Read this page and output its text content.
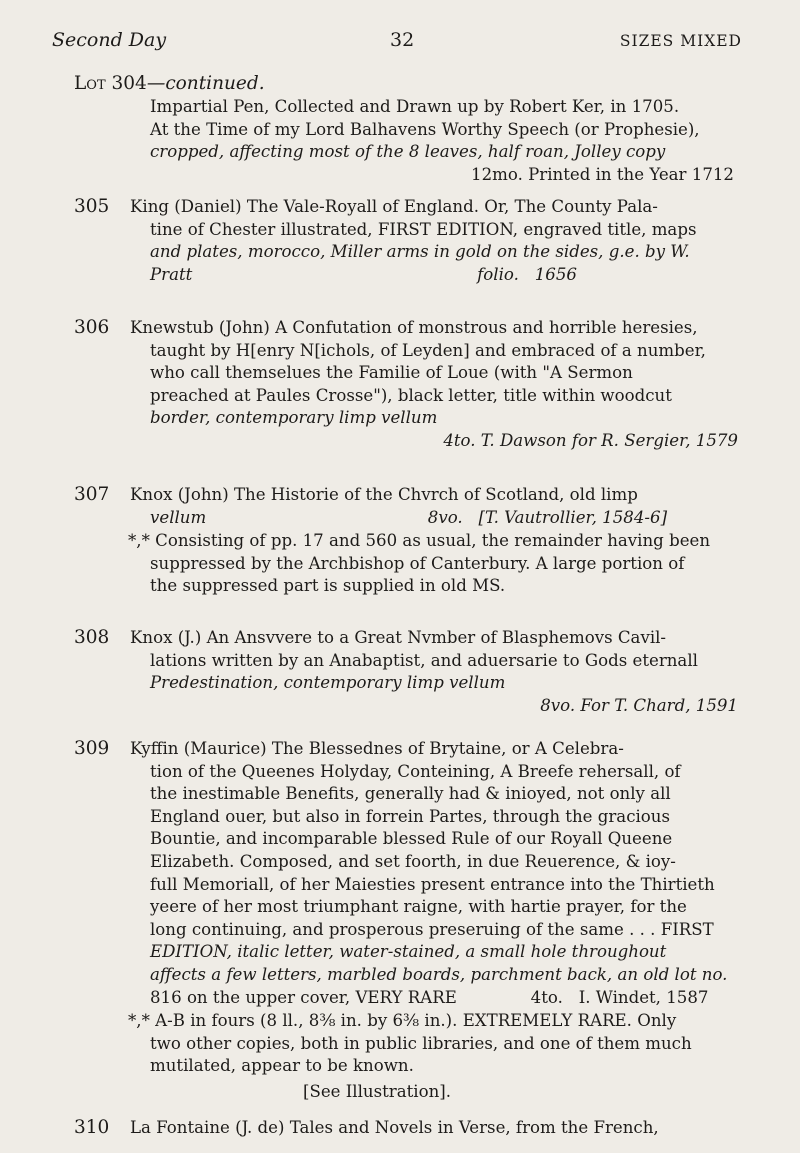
Second Day	32	SIZES MIXED
Lot 304—continued.
Impartial Pen, Collected and Drawn up by Robert Ker, in 1705.
At the Time of my Lord Balhavens Worthy Speech (or Prophesie),
cropped, affecting most of the 8 leaves, half roan, Jolley copy
12mo. Printed in the Year 1712
305 King (Daniel) The Vale-Royall of England. Or, The County Pala-
tine of Chester illustrated, FIRST EDITION, engraved title, maps
and plates, morocco, Miller arms in gold on the sides, g.e. by W.
Pratt                                                      folio.   1656
306 Knewstub (John) A Confutation of monstrous and horrible heresies,
taught by H[enry N[ichols, of Leyden] and embraced of a number,
who call themselues the Familie of Loue (with "A Sermon
preached at Paules Crosse"), black letter, title within woodcut
border, contemporary limp vellum
4to. T. Dawson for R. Sergier, 1579
307 Knox (John) The Historie of the Chvrch of Scotland, old limp
vellum                                          8vo.   [T. Vautrollier, 1584-6]
*,* Consisting of pp. 17 and 560 as usual, the remainder having been
suppressed by the Archbishop of Canterbury. A large portion of
the suppressed part is supplied in old MS.
308 Knox (J.) An Ansvvere to a Great Nvmber of Blasphemovs Cavil-
lations written by an Anabaptist, and aduersarie to Gods eternall
Predestination, contemporary limp vellum
8vo. For T. Chard, 1591
309 Kyffin (Maurice) The Blessednes of Brytaine, or A Celebra-
tion of the Queenes Holyday, Conteining, A Breefe rehersall, of
the inestimable Benefits, generally had & inioyed, not only all
England ouer, but also in forrein Partes, through the gracious
Bountie, and incomparable blessed Rule of our Royall Queene
Elizabeth. Composed, and set foorth, in due Reuerence, & ioy-
full Memoriall, of her Maiesties present entrance into the Thirtieth
yeere of her most triumphant raigne, with hartie prayer, for the
long continuing, and prosperous preseruing of the same . . . FIRST
EDITION, italic letter, water-stained, a small hole throughout
affects a few letters, marbled boards, parchment back, an old lot no.
816 on the upper cover, VERY RARE              4to.   I. Windet, 1587
*,* A-B in fours (8 ll., 8⅜ in. by 6⅜ in.). EXTREMELY RARE. Only
two other copies, both in public libraries, and one of them much
mutilated, appear to be known.
[See Illustration].
310 La Fontaine (J. de) Tales and Novels in Verse, from the French,
